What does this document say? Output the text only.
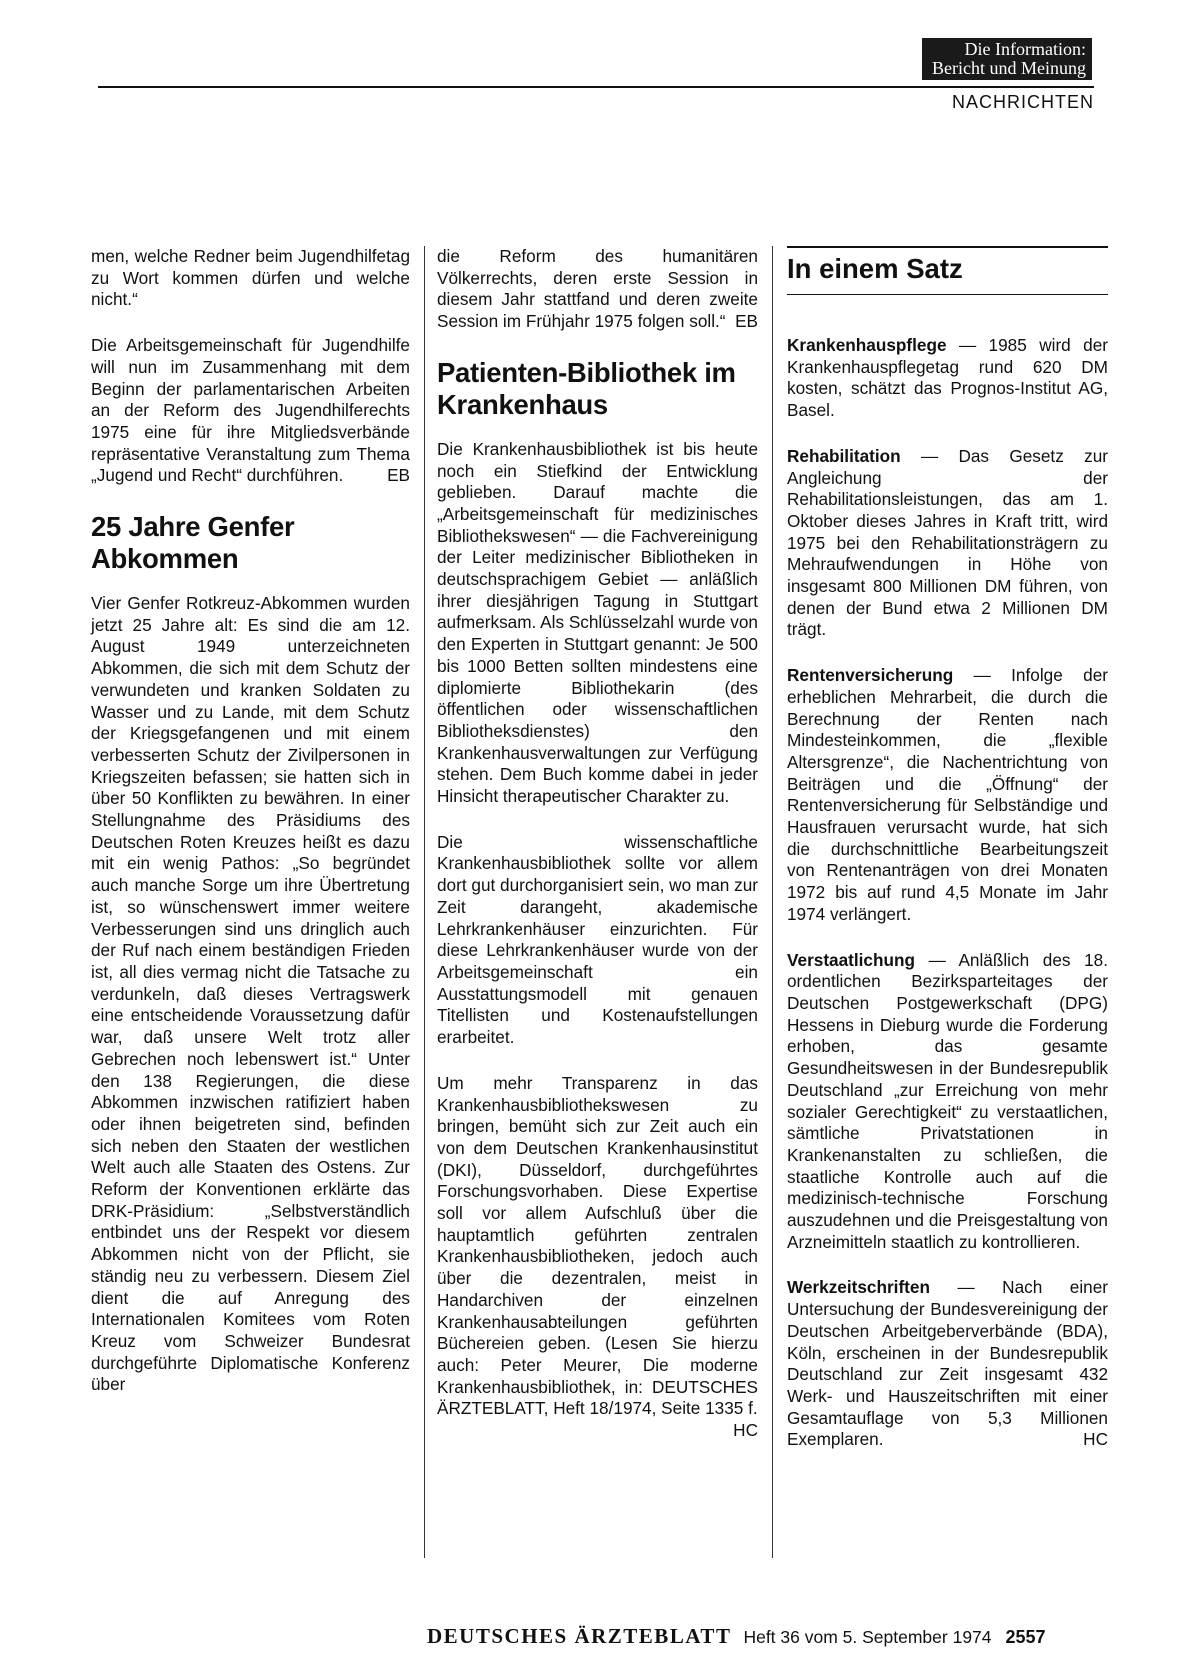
Die Information:
Bericht und Meinung
NACHRICHTEN

men, welche Redner beim Jugendhilfetag zu Wort kommen dürfen und welche nicht.“

Die Arbeitsgemeinschaft für Jugendhilfe will nun im Zusammenhang mit dem Beginn der parlamentarischen Arbeiten an der Reform des Jugendhilferechts 1975 eine für ihre Mitgliedsverbände repräsentative Veranstaltung zum Thema „Jugend und Recht“ durchführen.	EB

25 Jahre Genfer Abkommen

Vier Genfer Rotkreuz-Abkommen wurden jetzt 25 Jahre alt: Es sind die am 12. August 1949 unterzeichneten Abkommen, die sich mit dem Schutz der verwundeten und kranken Soldaten zu Wasser und zu Lande, mit dem Schutz der Kriegsgefangenen und mit einem verbesserten Schutz der Zivilpersonen in Kriegszeiten befassen; sie hatten sich in über 50 Konflikten zu bewähren. In einer Stellungnahme des Präsidiums des Deutschen Roten Kreuzes heißt es dazu mit ein wenig Pathos: „So begründet auch manche Sorge um ihre Übertretung ist, so wünschenswert immer weitere Verbesserungen sind uns dringlich auch der Ruf nach einem beständigen Frieden ist, all dies vermag nicht die Tatsache zu verdunkeln, daß dieses Vertragswerk eine entscheidende Voraussetzung dafür war, daß unsere Welt trotz aller Gebrechen noch lebenswert ist.“ Unter den 138 Regierungen, die diese Abkommen inzwischen ratifiziert haben oder ihnen beigetreten sind, befinden sich neben den Staaten der westlichen Welt auch alle Staaten des Ostens. Zur Reform der Konventionen erklärte das DRK-Präsidium: „Selbstverständlich entbindet uns der Respekt vor diesem Abkommen nicht von der Pflicht, sie ständig neu zu verbessern. Diesem Ziel dient die auf Anregung des Internationalen Komitees vom Roten Kreuz vom Schweizer Bundesrat durchgeführte Diplomatische Konferenz über

die Reform des humanitären Völkerrechts, deren erste Session in diesem Jahr stattfand und deren zweite Session im Frühjahr 1975 folgen soll.“ EB

Patienten-Bibliothek im Krankenhaus

Die Krankenhausbibliothek ist bis heute noch ein Stiefkind der Entwicklung geblieben. Darauf machte die „Arbeitsgemeinschaft für medizinisches Bibliothekswesen“ — die Fachvereinigung der Leiter medizinischer Bibliotheken in deutschsprachigem Gebiet — anläßlich ihrer diesjährigen Tagung in Stuttgart aufmerksam. Als Schlüsselzahl wurde von den Experten in Stuttgart genannt: Je 500 bis 1000 Betten sollten mindestens eine diplomierte Bibliothekarin (des öffentlichen oder wissenschaftlichen Bibliotheksdienstes) den Krankenhausverwaltungen zur Verfügung stehen. Dem Buch komme dabei in jeder Hinsicht therapeutischer Charakter zu.

Die wissenschaftliche Krankenhausbibliothek sollte vor allem dort gut durchorganisiert sein, wo man zur Zeit darangeht, akademische Lehrkrankenhäuser einzurichten. Für diese Lehrkrankenhäuser wurde von der Arbeitsgemeinschaft ein Ausstattungsmodell mit genauen Titellisten und Kostenaufstellungen erarbeitet.

Um mehr Transparenz in das Krankenhausbibliothekswesen zu bringen, bemüht sich zur Zeit auch ein von dem Deutschen Krankenhausinstitut (DKI), Düsseldorf, durchgeführtes Forschungsvorhaben. Diese Expertise soll vor allem Aufschluß über die hauptamtlich geführten zentralen Krankenhausbibliotheken, jedoch auch über die dezentralen, meist in Handarchiven der einzelnen Krankenhausabteilungen geführten Büchereien geben. (Lesen Sie hierzu auch: Peter Meurer, Die moderne Krankenhausbibliothek, in: DEUTSCHES ÄRZTEBLATT, Heft 18/1974, Seite 1335 f.
HC

In einem Satz

Krankenhauspflege — 1985 wird der Krankenhauspflegetag rund 620 DM kosten, schätzt das Prognos-Institut AG, Basel.

Rehabilitation — Das Gesetz zur Angleichung der Rehabilitationsleistungen, das am 1. Oktober dieses Jahres in Kraft tritt, wird 1975 bei den Rehabilitationsträgern zu Mehraufwendungen in Höhe von insgesamt 800 Millionen DM führen, von denen der Bund etwa 2 Millionen DM trägt.

Rentenversicherung — Infolge der erheblichen Mehrarbeit, die durch die Berechnung der Renten nach Mindesteinkommen, die „flexible Altersgrenze“, die Nachentrichtung von Beiträgen und die „Öffnung“ der Rentenversicherung für Selbständige und Hausfrauen verursacht wurde, hat sich die durchschnittliche Bearbeitungszeit von Rentenanträgen von drei Monaten 1972 bis auf rund 4,5 Monate im Jahr 1974 verlängert.

Verstaatlichung — Anläßlich des 18. ordentlichen Bezirksparteitages der Deutschen Postgewerkschaft (DPG) Hessens in Dieburg wurde die Forderung erhoben, das gesamte Gesundheitswesen in der Bundesrepublik Deutschland „zur Erreichung von mehr sozialer Gerechtigkeit“ zu verstaatlichen, sämtliche Privatstationen in Krankenanstalten zu schließen, die staatliche Kontrolle auch auf die medizinisch-technische Forschung auszudehnen und die Preisgestaltung von Arzneimitteln staatlich zu kontrollieren.

Werkzeitschriften — Nach einer Untersuchung der Bundesvereinigung der Deutschen Arbeitgeberverbände (BDA), Köln, erscheinen in der Bundesrepublik Deutschland zur Zeit insgesamt 432 Werk- und Hauszeitschriften mit einer Gesamtauflage von 5,3 Millionen Exemplaren.	HC

DEUTSCHES ÄRZTEBLATT Heft 36 vom 5. September 1974 2557
